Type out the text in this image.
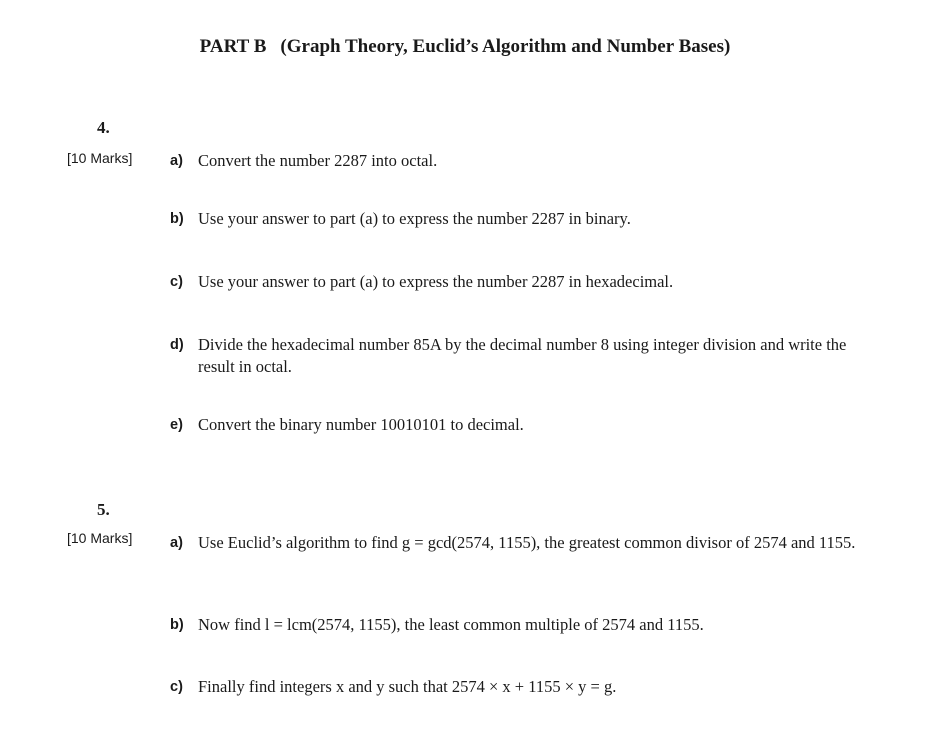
PART B (Graph Theory, Euclid’s Algorithm and Number Bases)
4.
[10 Marks]	a) Convert the number 2287 into octal.
b) Use your answer to part (a) to express the number 2287 in binary.
c) Use your answer to part (a) to express the number 2287 in hexadecimal.
d) Divide the hexadecimal number 85A by the decimal number 8 using integer division and write the result in octal.
e) Convert the binary number 10010101 to decimal.
5.
[10 Marks]	a) Use Euclid’s algorithm to find g = gcd(2574, 1155), the greatest common divisor of 2574 and 1155.
b) Now find l = lcm(2574, 1155), the least common multiple of 2574 and 1155.
c) Finally find integers x and y such that 2574 × x + 1155 × y = g.
